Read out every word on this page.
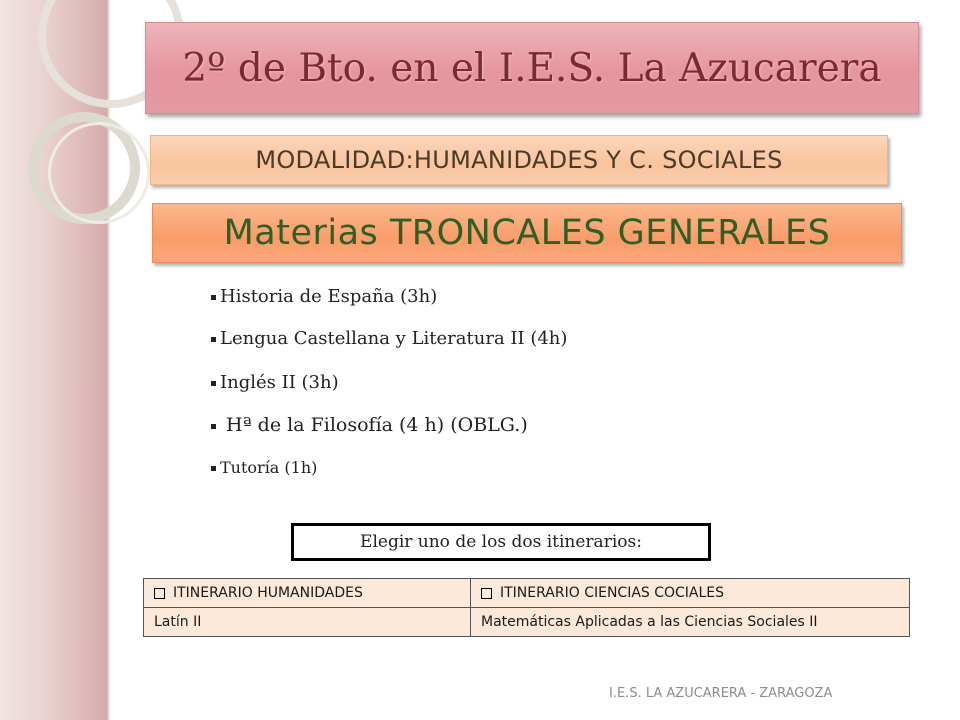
2º de Bto. en el I.E.S. La Azucarera
MODALIDAD:HUMANIDADES Y C. SOCIALES
Materias TRONCALES GENERALES
Historia de España (3h)
Lengua Castellana y Literatura II (4h)
Inglés II (3h)
Hª de la Filosofía (4 h) (OBLG.)
Tutoría (1h)
Elegir uno de los dos itinerarios:
ITINERARIO HUMANIDADES	ITINERARIO CIENCIAS COCIALES
Latín II	Matemáticas Aplicadas a las Ciencias Sociales II
I.E.S. LA AZUCARERA - ZARAGOZA
